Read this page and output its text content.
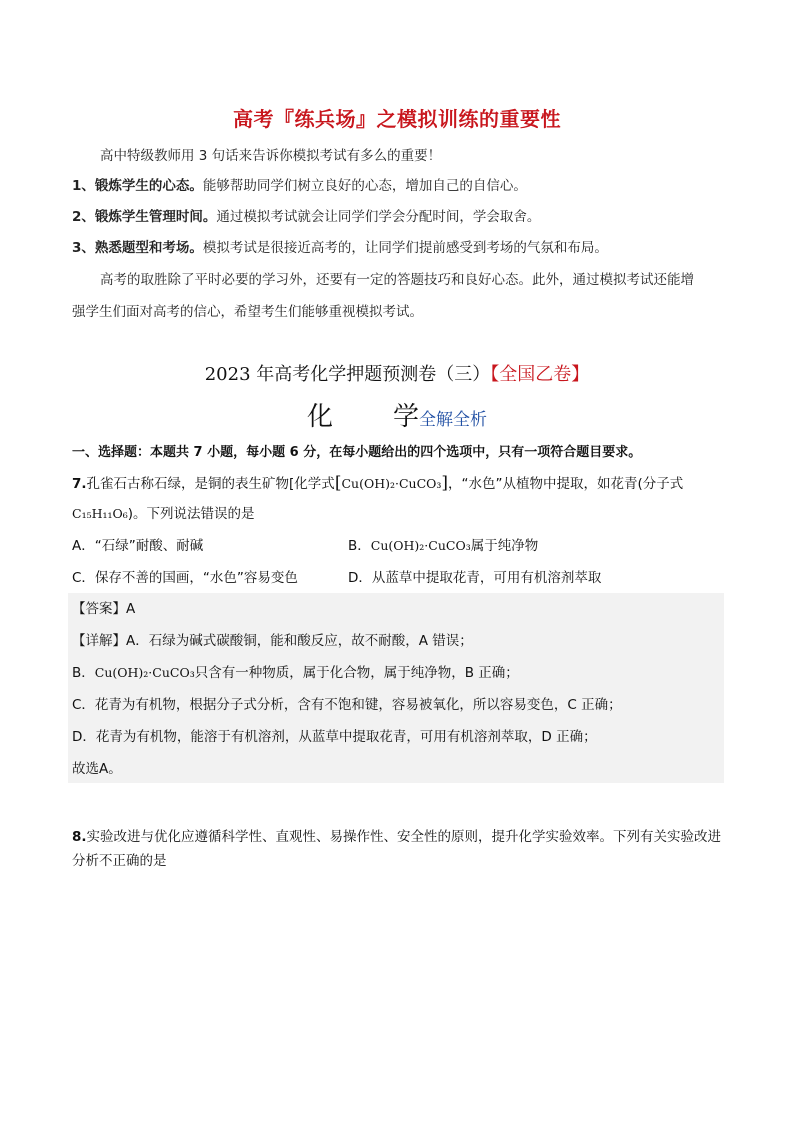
高考『练兵场』之模拟训练的重要性
高中特级教师用 3 句话来告诉你模拟考试有多么的重要！
1、锻炼学生的心态。能够帮助同学们树立良好的心态，增加自己的自信心。
2、锻炼学生管理时间。通过模拟考试就会让同学们学会分配时间，学会取舍。
3、熟悉题型和考场。模拟考试是很接近高考的，让同学们提前感受到考场的气氛和布局。
高考的取胜除了平时必要的学习外，还要有一定的答题技巧和良好心态。此外，通过模拟考试还能增
强学生们面对高考的信心，希望考生们能够重视模拟考试。
2023 年高考化学押题预测卷（三）【全国乙卷】
化 学全解全析
一、选择题：本题共 7 小题，每小题 6 分，在每小题给出的四个选项中，只有一项符合题目要求。
7.孔雀石古称石绿，是铜的表生矿物[化学式[Cu(OH)₂·CuCO₃]，“水色”从植物中提取，如花青(分子式
C₁₅H₁₁O₆)。下列说法错误的是
A．“石绿”耐酸、耐碱	B．Cu(OH)₂·CuCO₃属于纯净物
C．保存不善的国画，“水色”容易变色	D．从蓝草中提取花青，可用有机溶剂萃取
【答案】A
【详解】A．石绿为碱式碳酸铜，能和酸反应，故不耐酸，A 错误；
B．Cu(OH)₂·CuCO₃只含有一种物质，属于化合物，属于纯净物，B 正确；
C．花青为有机物，根据分子式分析，含有不饱和键，容易被氧化，所以容易变色，C 正确；
D．花青为有机物，能溶于有机溶剂，从蓝草中提取花青，可用有机溶剂萃取，D 正确；
故选A。
8.实验改进与优化应遵循科学性、直观性、易操作性、安全性的原则，提升化学实验效率。下列有关实验改进分析不正确的是
